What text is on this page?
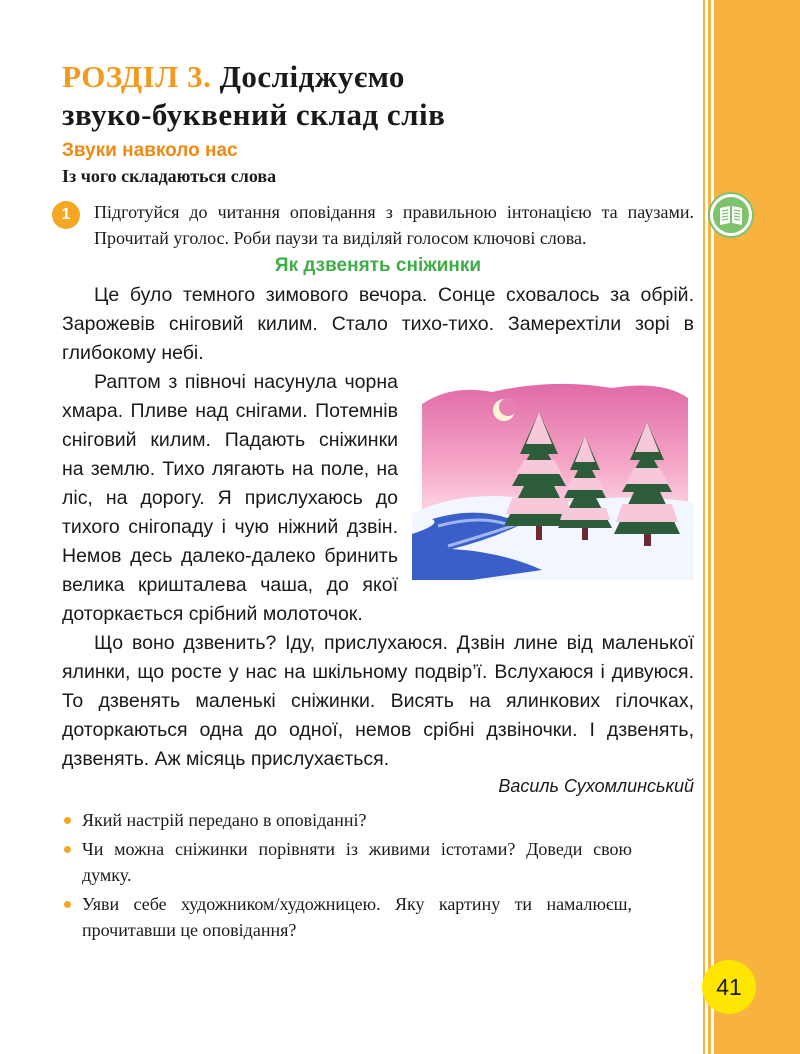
РОЗДІЛ 3. Досліджуємо
звуко-буквений склад слів
Звуки навколо нас
Із чого складаються слова
1	Підготуйся до читання оповідання з правильною інтонацією та паузами. Прочитай уголос. Роби паузи та виділяй голосом ключові слова.

Як дзвенять сніжинки

Це було темного зимового вечора. Сонце сховалось за обрій. Зарожевів сніговий килим. Стало тихо-тихо. Замерехтіли зорі в глибокому небі.

Раптом з півночі насунула чорна хмара. Пливе над снігами. Потемнів сніговий килим. Падають сніжинки на землю. Тихо лягають на поле, на ліс, на дорогу. Я прислухаюсь до тихого снігопаду і чую ніжний дзвін. Немов десь далеко-далеко бринить велика кришталева чаша, до якої доторкається срібний молоточок.

Що воно дзвенить? Іду, прислухаюся. Дзвін лине від маленької ялинки, що росте у нас на шкільному подвір’ї. Вслухаюся і дивуюся. То дзвенять маленькі сніжинки. Висять на ялинкових гілочках, доторкаються одна до одної, немов срібні дзвіночки. І дзвенять, дзвенять. Аж місяць прислухається.

Василь Сухомлинський
Який настрій передано в оповіданні?
Чи можна сніжинки порівняти із живими істотами? Доведи свою думку.
Уяви себе художником/художницею. Яку картину ти намалюєш, прочитавши це оповідання?
41
